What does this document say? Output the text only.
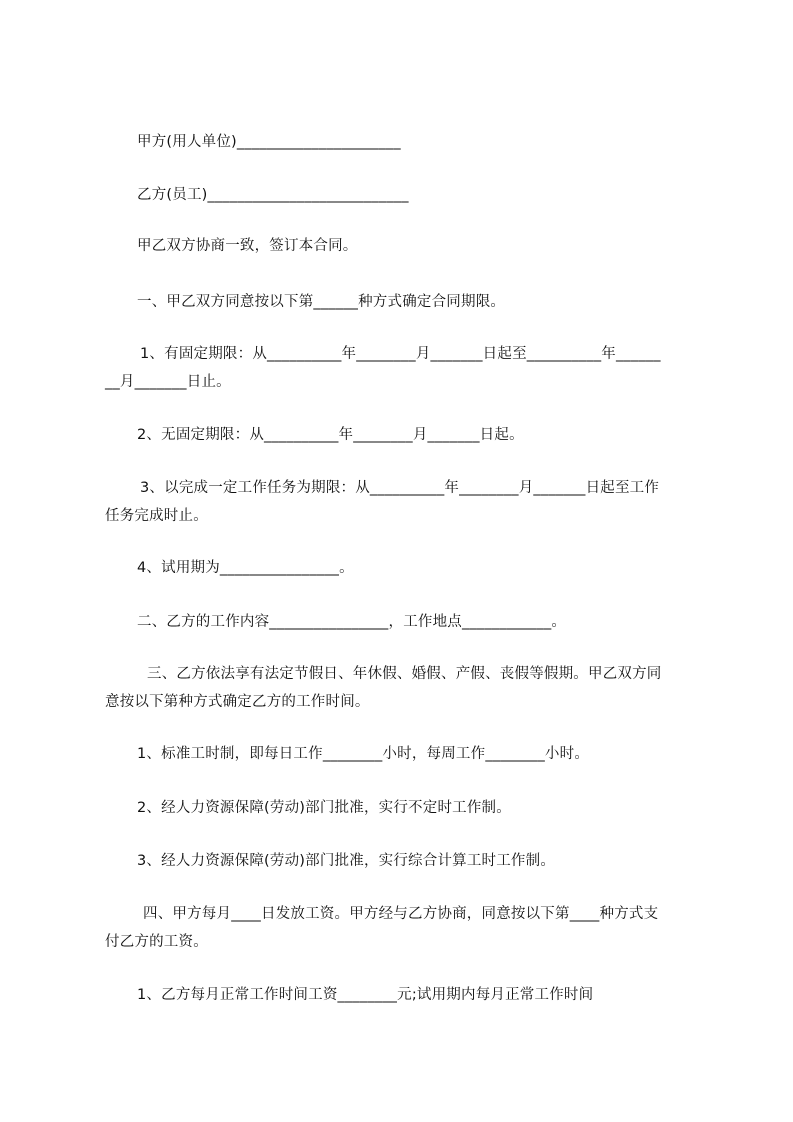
甲方(用人单位)______________________
乙方(员工)___________________________
甲乙双方协商一致，签订本合同。
一、甲乙双方同意按以下第______种方式确定合同期限。
1、有固定期限：从__________年________月_______日起至__________年______
__月_______日止。
2、无固定期限：从__________年________月_______日起。
3、以完成一定工作任务为期限：从__________年________月_______日起至工作
任务完成时止。
4、试用期为________________。
二、乙方的工作内容________________，工作地点____________。
三、乙方依法享有法定节假日、年休假、婚假、产假、丧假等假期。甲乙双方同
意按以下第种方式确定乙方的工作时间。
1、标准工时制，即每日工作________小时，每周工作________小时。
2、经人力资源保障(劳动)部门批准，实行不定时工作制。
3、经人力资源保障(劳动)部门批准，实行综合计算工时工作制。
四、甲方每月____日发放工资。甲方经与乙方协商，同意按以下第____种方式支
付乙方的工资。
1、乙方每月正常工作时间工资________元;试用期内每月正常工作时间
